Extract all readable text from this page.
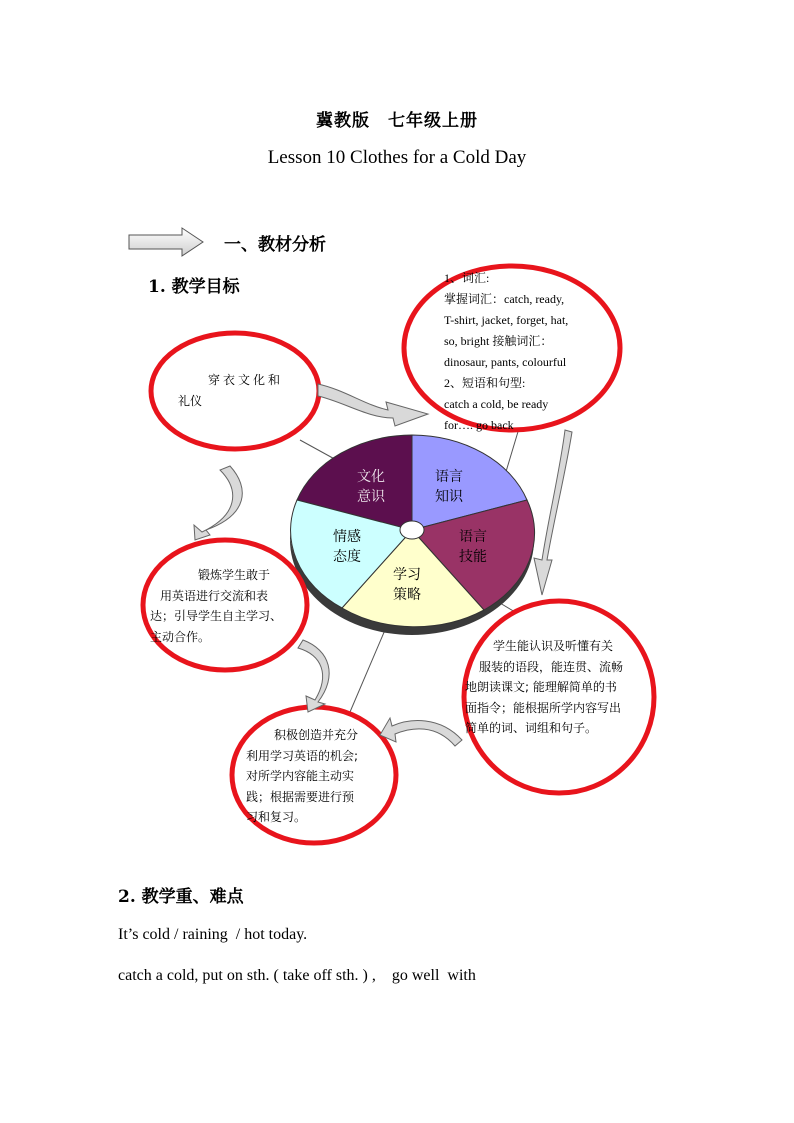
冀教版　七年级上册
Lesson 10 Clothes for a Cold Day
一、教材分析
1. 教学目标
文化
意识
语言
知识
语言
技能
学习
策略
情感
态度
穿衣文化和
礼仪
1、词汇:
掌握词汇：catch, ready,
T-shirt, jacket, forget, hat,
so, bright 接触词汇：
dinosaur, pants, colourful
2、短语和句型:
catch a cold, be ready
for…. go back
锻炼学生敢于
用英语进行交流和表
达；引导学生自主学习、
主动合作。
积极创造并充分
利用学习英语的机会;
对所学内容能主动实
践；根据需要进行预
习和复习。
学生能认识及听懂有关
服装的语段，能连贯、流畅
地朗读课文; 能理解简单的书
面指令；能根据所学内容写出
简单的词、词组和句子。
2. 教学重、难点
It’s cold / raining  / hot today.
catch a cold, put on sth. ( take off sth. ) ,    go well  with
